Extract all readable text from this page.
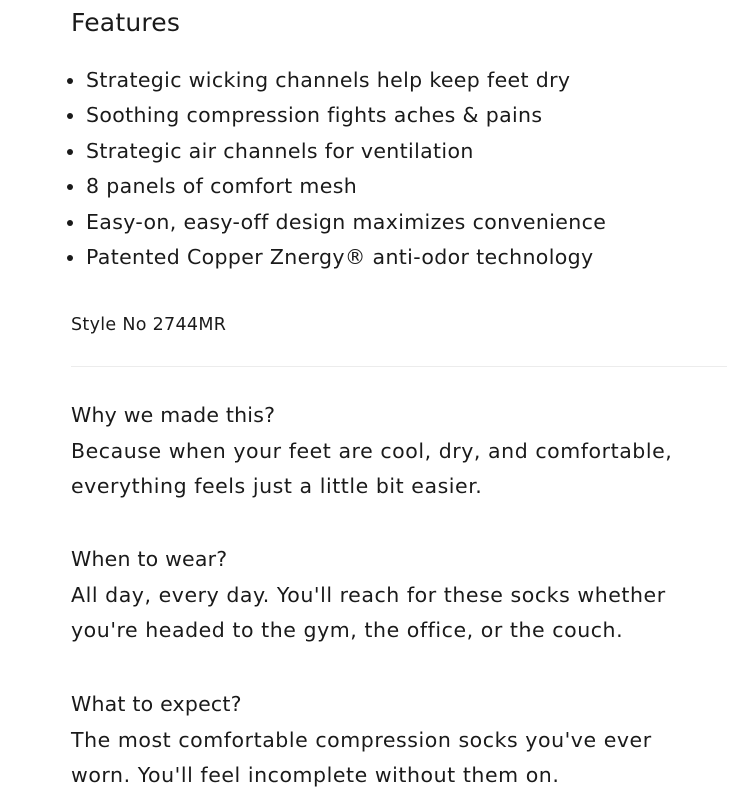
Features
Strategic wicking channels help keep feet dry
Soothing compression fights aches & pains
Strategic air channels for ventilation
8 panels of comfort mesh
Easy-on, easy-off design maximizes convenience
Patented Copper Znergy® anti-odor technology

Style No 2744MR

Why we made this?

Because when your feet are cool, dry, and comfortable,
everything feels just a little bit easier.

When to wear?

All day, every day. You'll reach for these socks whether
you're headed to the gym, the office, or the couch.

What to expect?

The most comfortable compression socks you've ever
worn. You'll feel incomplete without them on.
